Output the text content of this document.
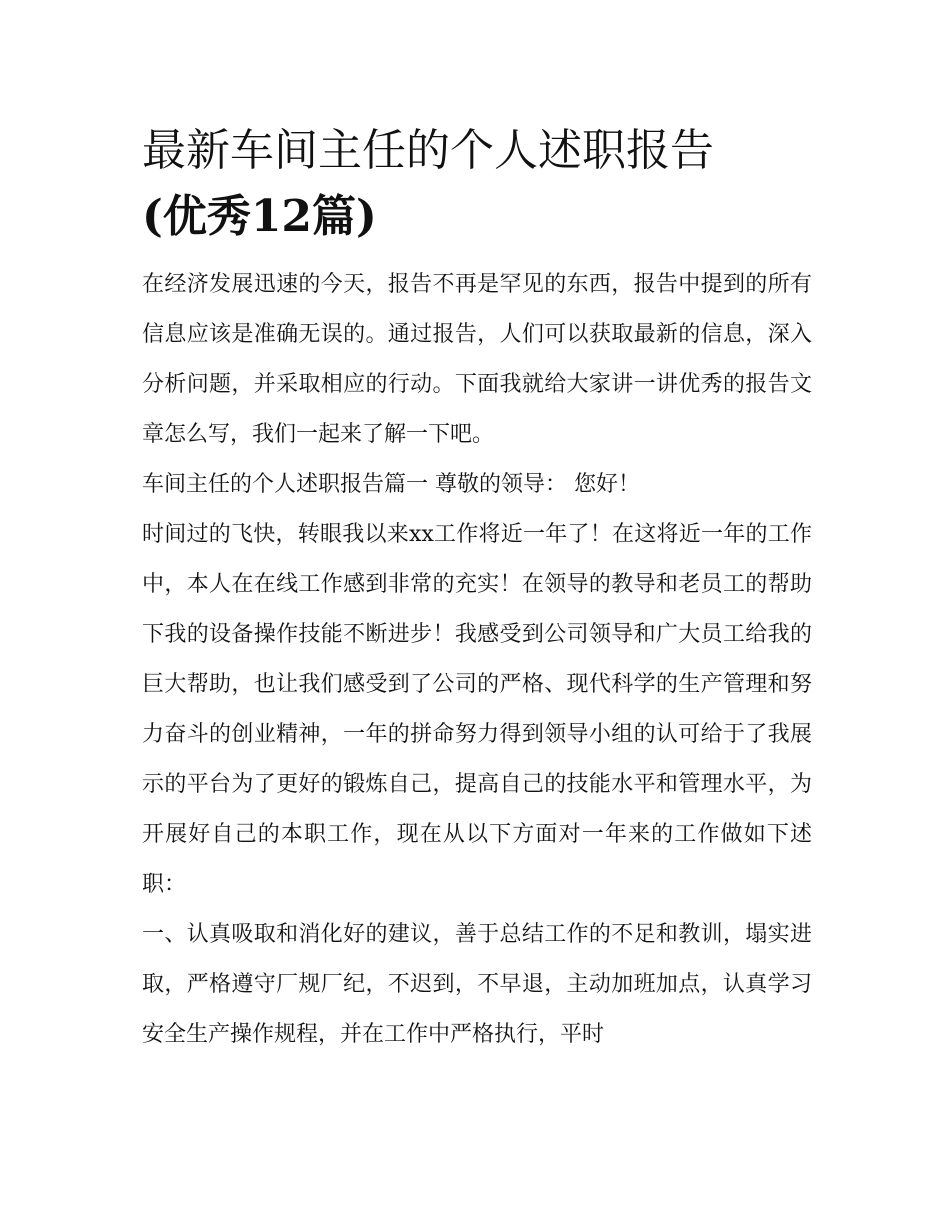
最新车间主任的个人述职报告
(优秀12篇)

在经济发展迅速的今天，报告不再是罕见的东西，报告中提到的所有信息应该是准确无误的。通过报告，人们可以获取最新的信息，深入分析问题，并采取相应的行动。下面我就给大家讲一讲优秀的报告文章怎么写，我们一起来了解一下吧。

车间主任的个人述职报告篇一 尊敬的领导： 您好！

时间过的飞快，转眼我以来xx工作将近一年了！在这将近一年的工作中，本人在在线工作感到非常的充实！在领导的教导和老员工的帮助下我的设备操作技能不断进步！我感受到公司领导和广大员工给我的巨大帮助，也让我们感受到了公司的严格、现代科学的生产管理和努力奋斗的创业精神，一年的拼命努力得到领导小组的认可给于了我展示的平台为了更好的锻炼自己，提高自己的技能水平和管理水平，为开展好自己的本职工作，现在从以下方面对一年来的工作做如下述职：

一、认真吸取和消化好的建议，善于总结工作的不足和教训，塌实进取，严格遵守厂规厂纪，不迟到，不早退，主动加班加点，认真学习安全生产操作规程，并在工作中严格执行，平时
